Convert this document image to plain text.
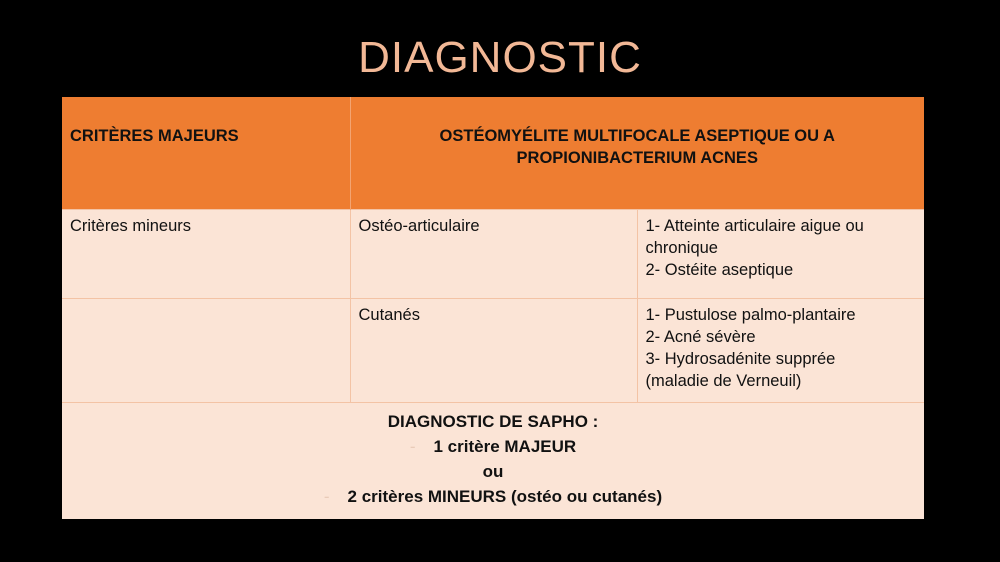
DIAGNOSTIC
CRITÈRES MAJEURS	OSTÉOMYÉLITE MULTIFOCALE ASEPTIQUE OU A
PROPIONIBACTERIUM ACNES	

Critères mineurs	Ostéo-articulaire	1- Atteinte articulaire aigue ou
chronique
2- Ostéite aseptique

	Cutanés	1- Pustulose palmo-plantaire
2- Acné sévère
3- Hydrosadénite supprée
(maladie de Verneuil)

DIAGNOSTIC DE SAPHO :
- 1 critère MAJEUR
ou
- 2 critères MINEURS (ostéo ou cutanés)		
